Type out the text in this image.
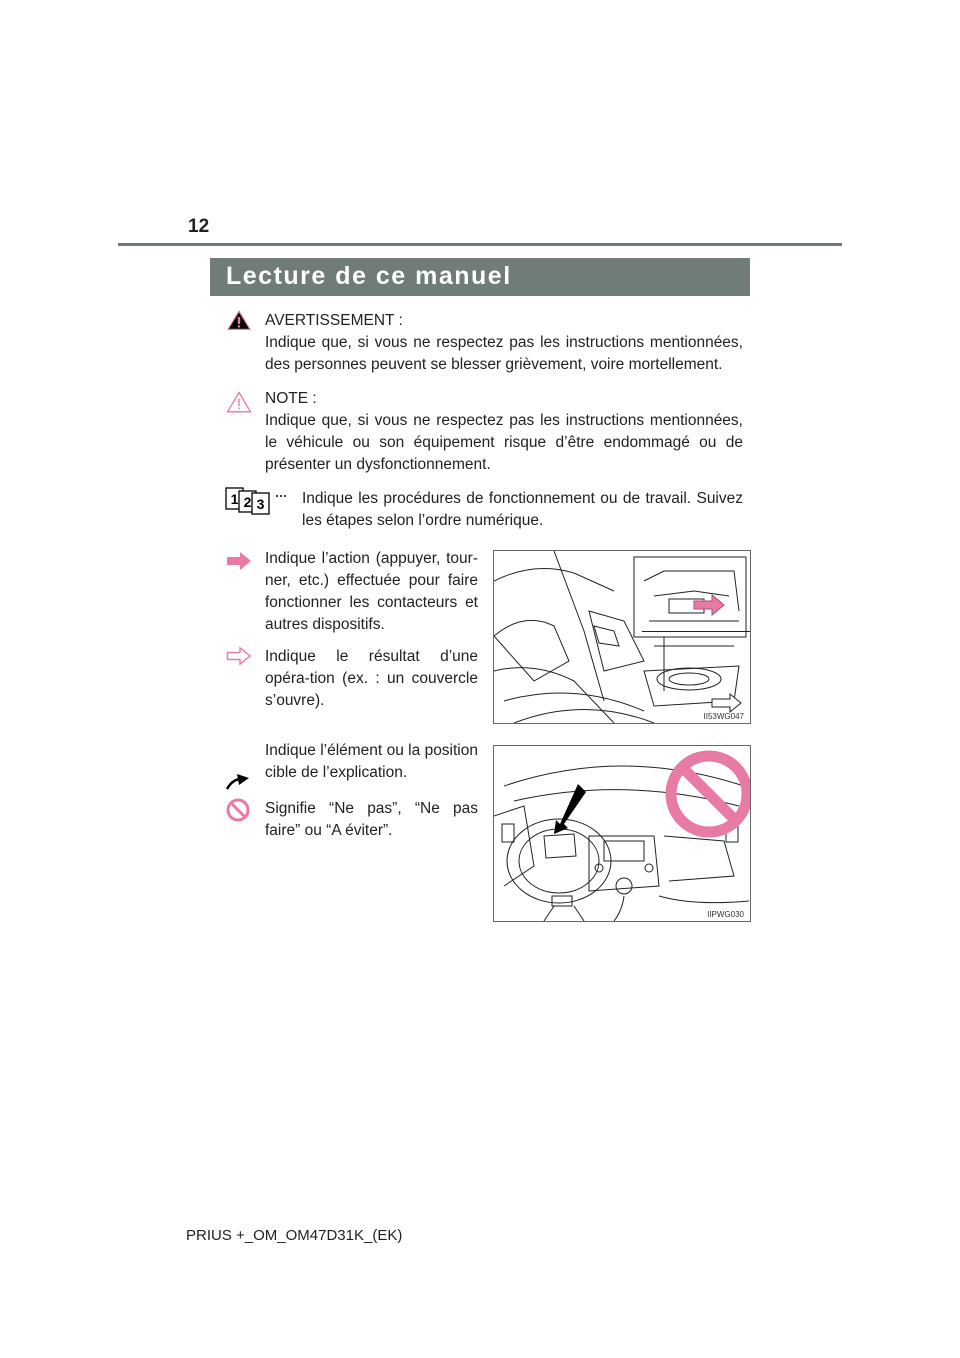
12
Lecture de ce manuel
AVERTISSEMENT :
Indique que, si vous ne respectez pas les instructions mentionnées, des personnes peuvent se blesser grièvement, voire mortellement.
NOTE :
Indique que, si vous ne respectez pas les instructions mentionnées, le véhicule ou son équipement risque d’être endommagé ou de présenter un dysfonctionnement.
1 2 3 Indique les procédures de fonctionnement ou de travail. Suivez les étapes selon l’ordre numérique.
Indique l’action (appuyer, tour-ner, etc.) effectuée pour faire fonctionner les contacteurs et autres dispositifs.
Indique le résultat d’une opéra-tion (ex. : un couvercle s’ouvre).
II53WG047
Indique l’élément ou la position cible de l’explication.
Signifie “Ne pas”, “Ne pas faire” ou “A éviter”.
IIPWG030
PRIUS +_OM_OM47D31K_(EK)
